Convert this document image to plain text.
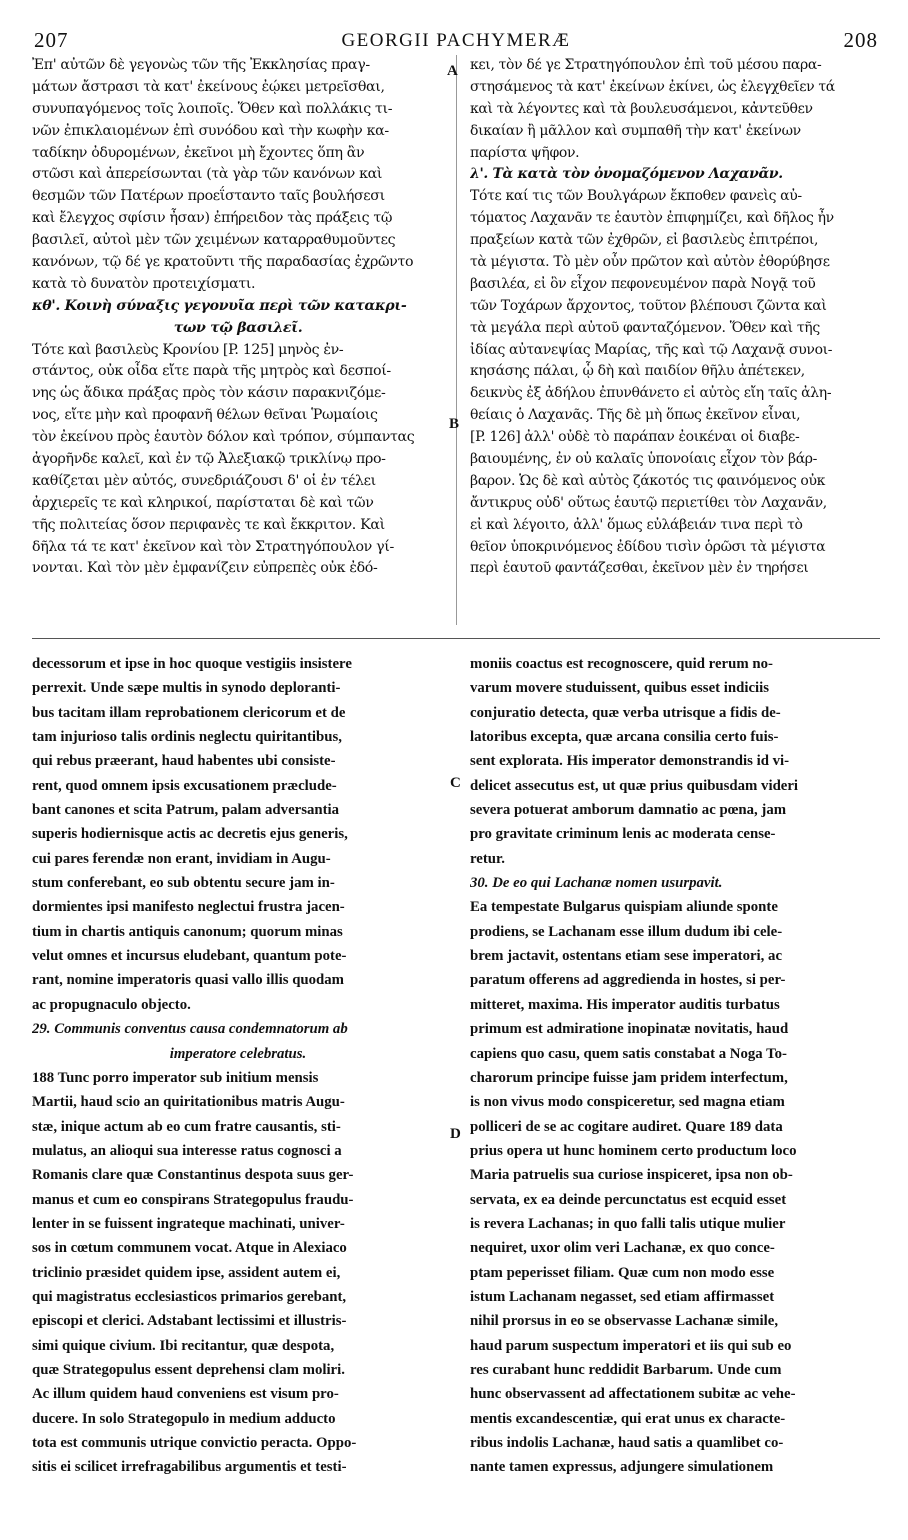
207	GEORGII PACHYMERÆ	208
A
B
C
D
Ἐπ' αὐτῶν δὲ γεγονὼς τῶν τῆς Ἐκκλησίας πραγ-
μάτων ἄστρασι τὰ κατ' ἐκείνους ἐῴκει μετρεῖσθαι,
συνυπαγόμενος τοῖς λοιποῖς. Ὅθεν καὶ πολλάκις τι-
νῶν ἐπικλαιομένων ἐπὶ συνόδου καὶ τὴν κωφὴν κα-
ταδίκην ὀδυρομένων, ἐκεῖνοι μὴ ἔχοντες ὅπη ἂν
στῶσι καὶ ἀπερείσωνται (τὰ γὰρ τῶν κανόνων καὶ
θεσμῶν τῶν Πατέρων προεΐσταντο ταῖς βουλήσεσι
καὶ ἔλεγχος σφίσιν ἦσαν) ἐπήρειδον τὰς πράξεις τῷ
βασιλεῖ, αὐτοὶ μὲν τῶν χειμένων καταρραθυμοῦντες
κανόνων, τῷ δέ γε κρατοῦντι τῆς παραδασίας ἐχρῶντο
κατὰ τὸ δυνατὸν προτειχίσματι.
κθ'. Κοινὴ σύναξις γεγονυῖα περὶ τῶν κατακρι-
των τῷ βασιλεῖ.
Τότε καὶ βασιλεὺς Κρονίου [P. 125] μηνὸς ἐν-
στάντος, οὐκ οἶδα εἴτε παρὰ τῆς μητρὸς καὶ δεσποί-
νης ὡς ἄδικα πράξας πρὸς τὸν κάσιν παρακνιζόμε-
νος, εἴτε μὴν καὶ προφανῆ θέλων θεῖναι Ῥωμαίοις
τὸν ἐκείνου πρὸς ἑαυτὸν δόλον καὶ τρόπον, σύμπαντας
ἀγορῆνδε καλεῖ, καὶ ἐν τῷ Ἀλεξιακῷ τρικλίνῳ προ-
καθίζεται μὲν αὐτός, συνεδριάζουσι δ' οἱ ἐν τέλει
ἀρχιερεῖς τε καὶ κληρικοί, παρίσταται δὲ καὶ τῶν
τῆς πολιτείας ὅσον περιφανὲς τε καὶ ἔκκριτον. Καὶ
δῆλα τά τε κατ' ἐκεῖνον καὶ τὸν Στρατηγόπουλον γί-
νονται. Καὶ τὸν μὲν ἐμφανίζειν εὐπρεπὲς οὐκ ἐδό-
κει, τὸν δέ γε Στρατηγόπουλον ἐπὶ τοῦ μέσου παρα-
στησάμενος τὰ κατ' ἐκείνων ἐκίνει, ὡς ἐλεγχθεῖεν τά
καὶ τὰ λέγοντες καὶ τὰ βουλευσάμενοι, κἀντεῦθεν
δικαίαν ἢ μᾶλλον καὶ συμπαθῆ τὴν κατ' ἐκείνων
παρίστα ψῆφον.
λ'. Τὰ κατὰ τὸν ὀνομαζόμενον Λαχανᾶν.
Τότε καί τις τῶν Βουλγάρων ἔκποθεν φανεὶς αὐ-
τόματος Λαχανᾶν τε ἑαυτὸν ἐπιφημίζει, καὶ δῆλος ἦν
πραξείων κατὰ τῶν ἐχθρῶν, εἰ βασιλεὺς ἐπιτρέποι,
τὰ μέγιστα. Τὸ μὲν οὖν πρῶτον καὶ αὐτὸν ἐθορύβησε
βασιλέα, εἰ ὃν εἶχον πεφονευμένον παρὰ Νογᾷ τοῦ
τῶν Τοχάρων ἄρχοντος, τοῦτον βλέπουσι ζῶντα καὶ
τὰ μεγάλα περὶ αὐτοῦ φανταζόμενον. Ὅθεν καὶ τῆς
ἰδίας αὐτανεψίας Μαρίας, τῆς καὶ τῷ Λαχανᾷ συνοι-
κησάσης πάλαι, ᾧ δὴ καὶ παιδίον θῆλυ ἀπέτεκεν,
δεικνὺς ἐξ ἀδήλου ἐπυνθάνετο εἰ αὐτὸς εἴη ταῖς ἀλη-
θείαις ὁ Λαχανᾶς. Τῆς δὲ μὴ ὅπως ἐκεῖνον εἶναι,
[P. 126] ἀλλ' οὐδὲ τὸ παράπαν ἐοικέναι οἱ διαβε-
βαιουμένης, ἐν οὐ καλαῖς ὑπονοίαις εἶχον τὸν βάρ-
βαρον. Ὡς δὲ καὶ αὐτὸς ζάκοτός τις φαινόμενος οὐκ
ἄντικρυς οὐδ' οὕτως ἑαυτῷ περιετίθει τὸν Λαχανᾶν,
εἰ καὶ λέγοιτο, ἀλλ' ὅμως εὐλάβειάν τινα περὶ τὸ
θεῖον ὑποκρινόμενος ἐδίδου τισὶν ὁρῶσι τὰ μέγιστα
περὶ ἑαυτοῦ φαντάζεσθαι, ἐκεῖνον μὲν ἐν τηρήσει
decessorum et ipse in hoc quoque vestigiis insistere
perrexit. Unde sæpe multis in synodo deploranti-
bus tacitam illam reprobationem clericorum et de
tam injurioso talis ordinis neglectu quiritantibus,
qui rebus præerant, haud habentes ubi consiste-
rent, quod omnem ipsis excusationem præclude-
bant canones et scita Patrum, palam adversantia
superis hodiernisque actis ac decretis ejus generis,
cui pares ferendæ non erant, invidiam in Augu-
stum conferebant, eo sub obtentu secure jam in-
dormientes ipsi manifesto neglectui frustra jacen-
tium in chartis antiquis canonum; quorum minas
velut omnes et incursus eludebant, quantum pote-
rant, nomine imperatoris quasi vallo illis quodam
ac propugnaculo objecto.
29. Communis conventus causa condemnatorum ab
imperatore celebratus.
188 Tunc porro imperator sub initium mensis
Martii, haud scio an quiritationibus matris Augu-
stæ, inique actum ab eo cum fratre causantis, sti-
mulatus, an alioqui sua interesse ratus cognosci a
Romanis clare quæ Constantinus despota suus ger-
manus et cum eo conspirans Strategopulus fraudu-
lenter in se fuissent ingrateque machinati, univer-
sos in cœtum communem vocat. Atque in Alexiaco
triclinio præsidet quidem ipse, assident autem ei,
qui magistratus ecclesiasticos primarios gerebant,
episcopi et clerici. Adstabant lectissimi et illustris-
simi quique civium. Ibi recitantur, quæ despota,
quæ Strategopulus essent deprehensi clam moliri.
Ac illum quidem haud conveniens est visum pro-
ducere. In solo Strategopulo in medium adducto
tota est communis utrique convictio peracta. Oppo-
sitis ei scilicet irrefragabilibus argumentis et testi-
moniis coactus est recognoscere, quid rerum no-
varum movere studuissent, quibus esset indiciis
conjuratio detecta, quæ verba utrisque a fidis de-
latoribus excepta, quæ arcana consilia certo fuis-
sent explorata. His imperator demonstrandis id vi-
delicet assecutus est, ut quæ prius quibusdam videri
severa potuerat amborum damnatio ac pœna, jam
pro gravitate criminum lenis ac moderata cense-
retur.
30. De eo qui Lachanæ nomen usurpavit.
Ea tempestate Bulgarus quispiam aliunde sponte
prodiens, se Lachanam esse illum dudum ibi cele-
brem jactavit, ostentans etiam sese imperatori, ac
paratum offerens ad aggredienda in hostes, si per-
mitteret, maxima. His imperator auditis turbatus
primum est admiratione inopinatæ novitatis, haud
capiens quo casu, quem satis constabat a Noga To-
charorum principe fuisse jam pridem interfectum,
is non vivus modo conspiceretur, sed magna etiam
polliceri de se ac cogitare audiret. Quare 189 data
prius opera ut hunc hominem certo productum loco
Maria patruelis sua curiose inspiceret, ipsa non ob-
servata, ex ea deinde percunctatus est ecquid esset
is revera Lachanas; in quo falli talis utique mulier
nequiret, uxor olim veri Lachanæ, ex quo conce-
ptam peperisset filiam. Quæ cum non modo esse
istum Lachanam negasset, sed etiam affirmasset
nihil prorsus in eo se observasse Lachanæ simile,
haud parum suspectum imperatori et iis qui sub eo
res curabant hunc reddidit Barbarum. Unde cum
hunc observassent ad affectationem subitæ ac vehe-
mentis excandescentiæ, qui erat unus ex characte-
ribus indolis Lachanæ, haud satis a quamlibet co-
nante tamen expressus, adjungere simulationem
